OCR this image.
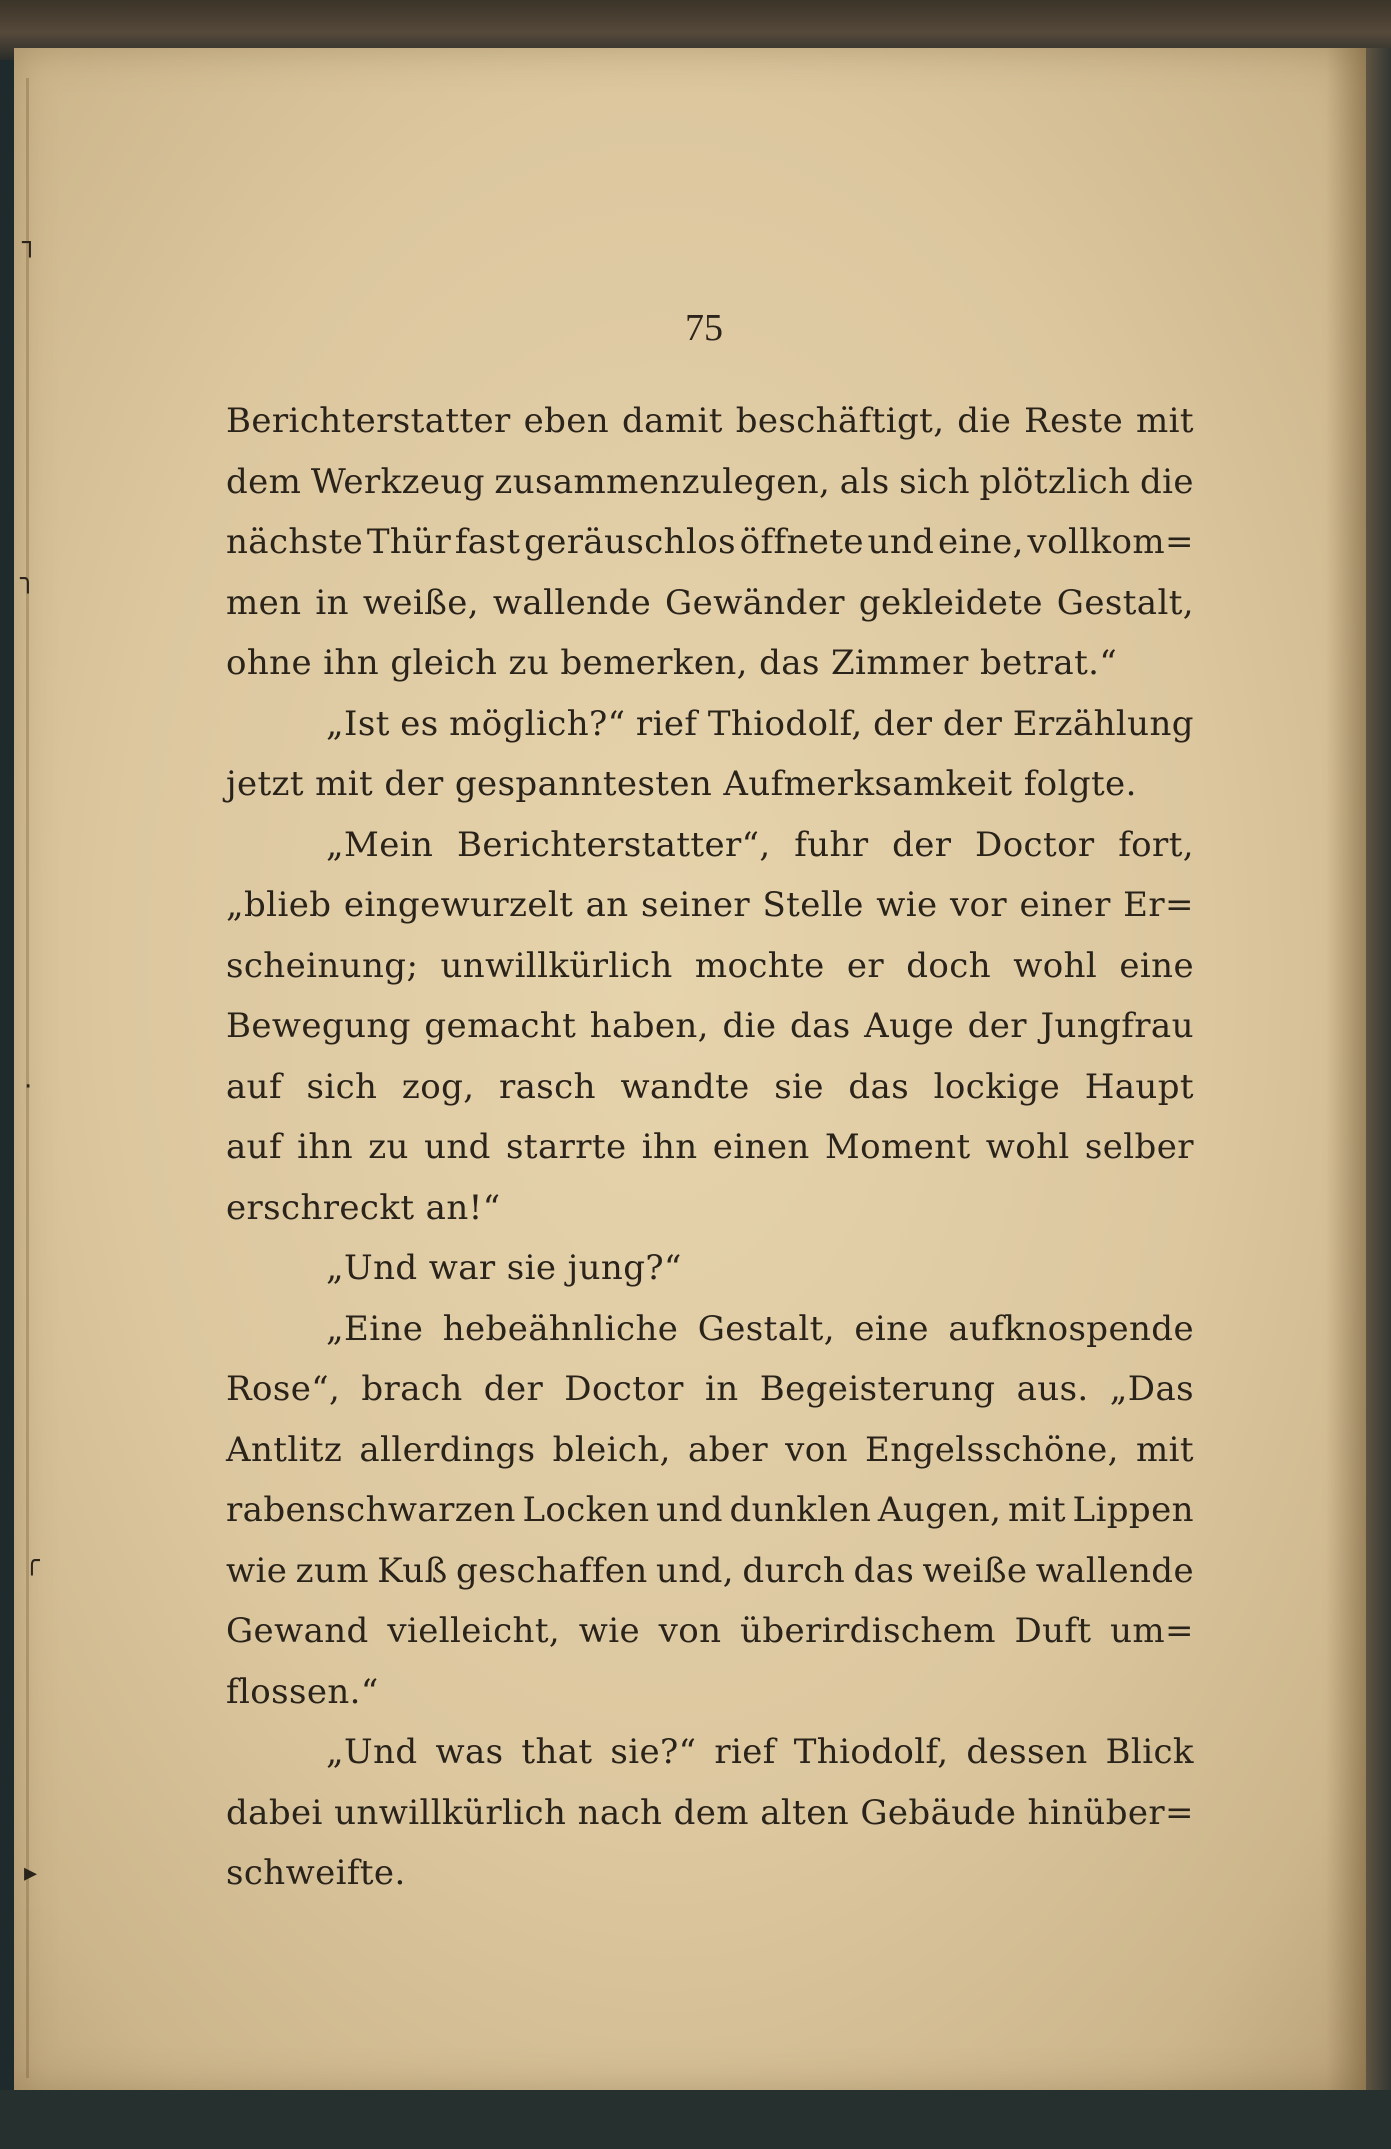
75
Berichterstatter eben damit beschäftigt, die Reste mit
dem Werkzeug zusammenzulegen, als sich plötzlich die
nächste Thür fast geräuschlos öffnete und eine, vollkom=
men in weiße, wallende Gewänder gekleidete Gestalt,
ohne
ihn
gleich
zu
bemerken,
das
Zimmer
betrat.“
„Ist es möglich?“ rief Thiodolf, der der Erzählung
jetzt
mit
der
gespanntesten
Aufmerksamkeit
folgte.
„Mein Berichterstatter“, fuhr der Doctor fort,
„blieb eingewurzelt an seiner Stelle wie vor einer Er=
scheinung; unwillkürlich mochte er doch wohl eine
Bewegung gemacht haben, die das Auge der Jungfrau
auf sich zog, rasch wandte sie das lockige Haupt
auf ihn zu und starrte ihn einen Moment wohl selber
erschreckt
an!“
„Und
war
sie
jung?“
„Eine hebeähnliche Gestalt, eine aufknospende
Rose“, brach der Doctor in Begeisterung aus. „Das
Antlitz allerdings bleich, aber von Engelsschöne, mit
rabenschwarzen Locken und dunklen Augen, mit Lippen
wie zum Kuß geschaffen und, durch das weiße wallende
Gewand vielleicht, wie von überirdischem Duft um=
flossen.“
„Und was that sie?“ rief Thiodolf, dessen Blick
dabei unwillkürlich nach dem alten Gebäude hinüber=
schweifte.
┐
╮
·
╭
▸
